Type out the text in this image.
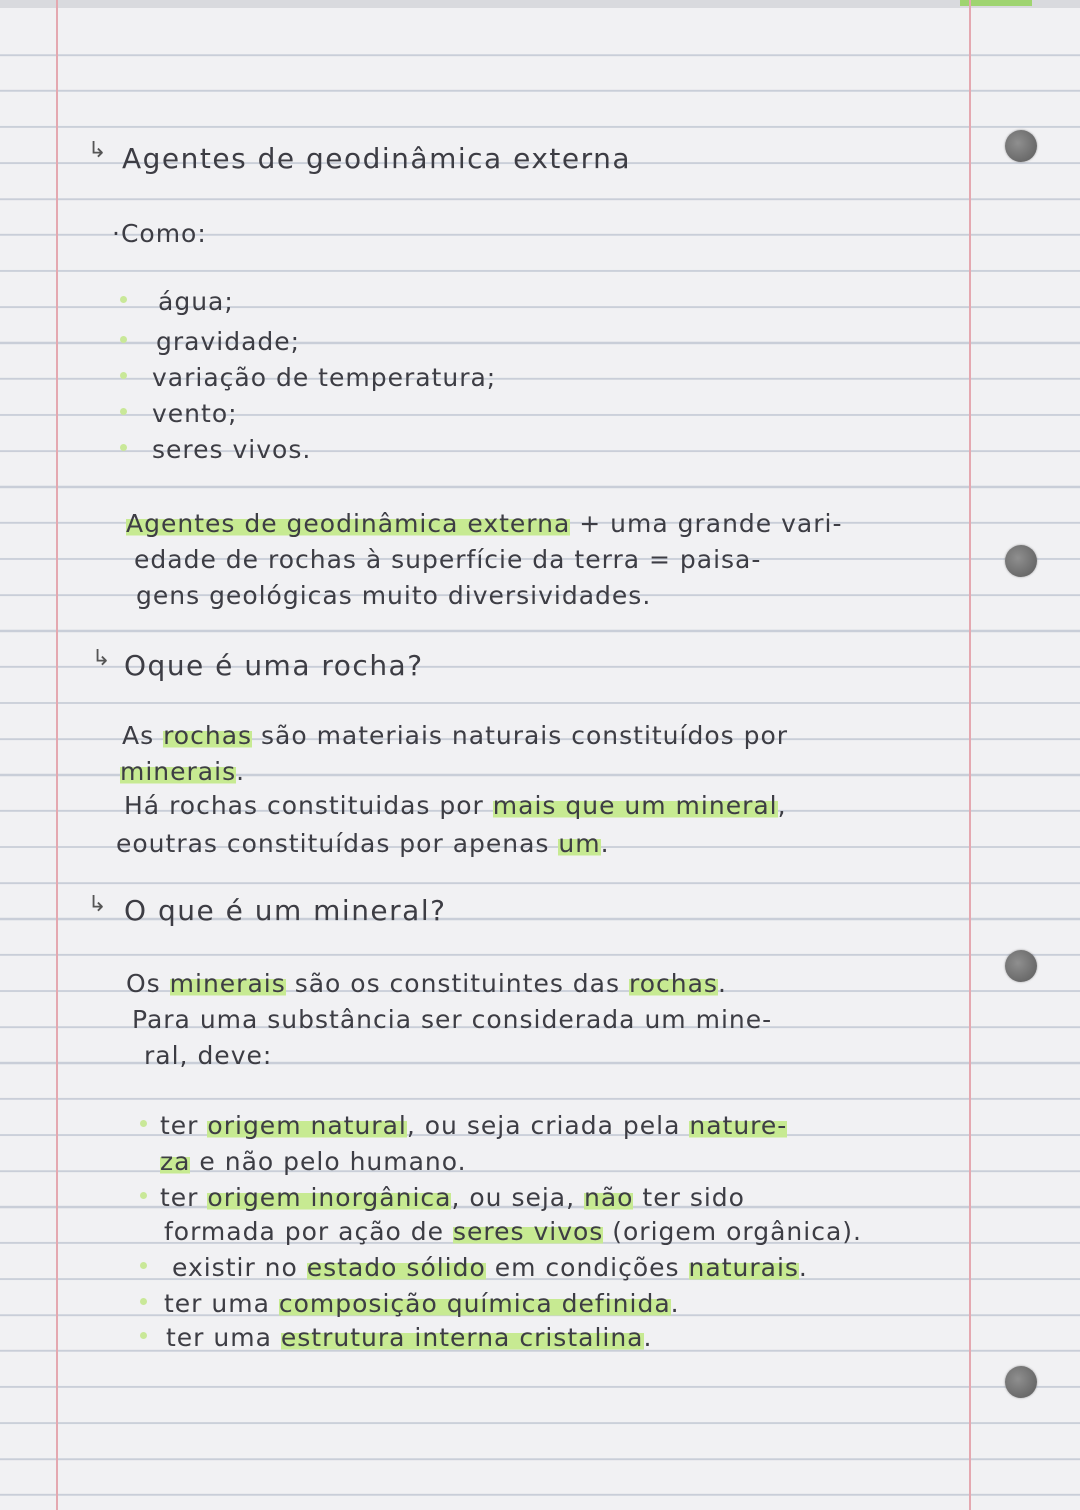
↳ Agentes de geodinâmica externa
·Como:
água;
gravidade;
variação de temperatura;
vento;
seres vivos.
Agentes de geodinâmica externa + uma grande vari-
edade de rochas à superfície da terra = paisa-
gens geológicas muito diversividades.
↳ Oque é uma rocha?
As rochas são materiais naturais constituídos por
minerais.
Há rochas constituidas por mais que um mineral,
eoutras constituídas por apenas um.
↳ O que é um mineral?
Os minerais são os constituintes das rochas.
Para uma substância ser considerada um mine-
ral, deve:
ter origem natural, ou seja criada pela nature-
za e não pelo humano.
ter origem inorgânica, ou seja, não ter sido
formada por ação de seres vivos (origem orgânica).
existir no estado sólido em condições naturais.
ter uma composição química definida.
ter uma estrutura interna cristalina.
